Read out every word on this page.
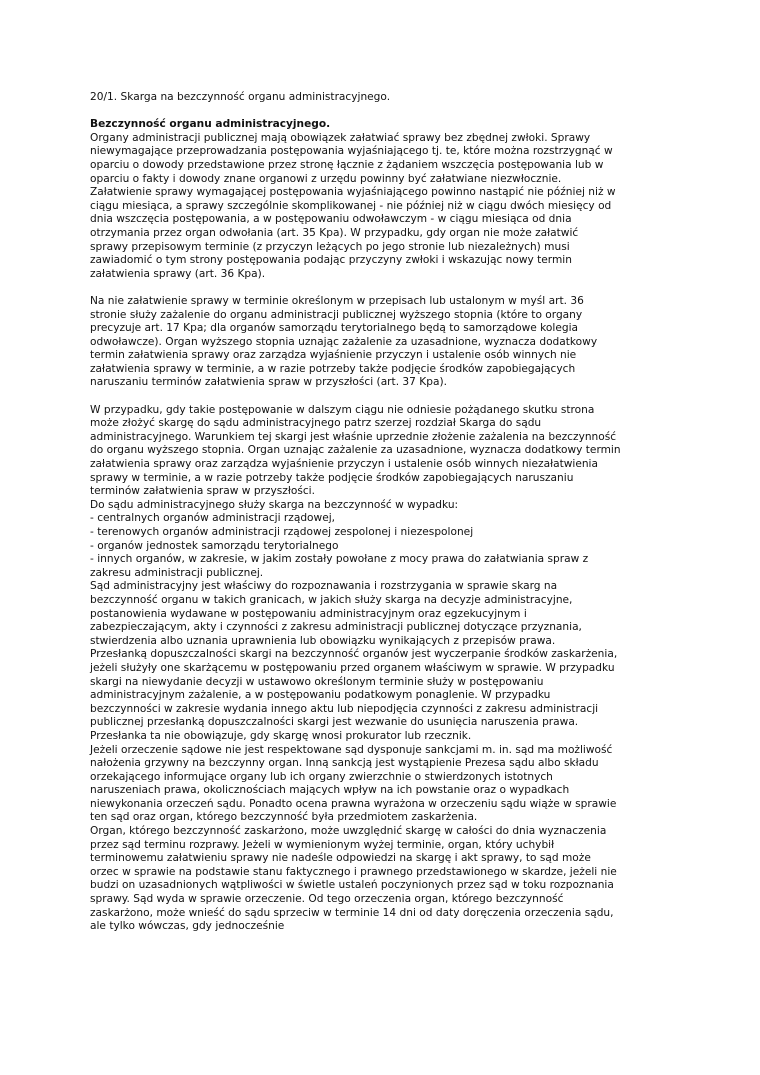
20/1. Skarga na bezczynność organu administracyjnego.
Bezczynność organu administracyjnego.
Organy administracji publicznej mają obowiązek załatwiać sprawy bez zbędnej zwłoki. Sprawy
niewymagające przeprowadzania postępowania wyjaśniającego tj. te, które można rozstrzygnąć w
oparciu o dowody przedstawione przez stronę łącznie z żądaniem wszczęcia postępowania lub w
oparciu o fakty i dowody znane organowi z urzędu powinny być załatwiane niezwłocznie.
Załatwienie sprawy wymagającej postępowania wyjaśniającego powinno nastąpić nie później niż w
ciągu miesiąca, a sprawy szczególnie skomplikowanej - nie później niż w ciągu dwóch miesięcy od
dnia wszczęcia postępowania, a w postępowaniu odwoławczym - w ciągu miesiąca od dnia
otrzymania przez organ odwołania (art. 35 Kpa). W przypadku, gdy organ nie może załatwić
sprawy przepisowym terminie (z przyczyn leżących po jego stronie lub niezależnych) musi
zawiadomić o tym strony postępowania podając przyczyny zwłoki i wskazując nowy termin
załatwienia sprawy (art. 36 Kpa).
Na nie załatwienie sprawy w terminie określonym w przepisach lub ustalonym w myśl art. 36
stronie służy zażalenie do organu administracji publicznej wyższego stopnia (które to organy
precyzuje art. 17 Kpa; dla organów samorządu terytorialnego będą to samorządowe kolegia
odwoławcze). Organ wyższego stopnia uznając zażalenie za uzasadnione, wyznacza dodatkowy
termin załatwienia sprawy oraz zarządza wyjaśnienie przyczyn i ustalenie osób winnych nie
załatwienia sprawy w terminie, a w razie potrzeby także podjęcie środków zapobiegających
naruszaniu terminów załatwienia spraw w przyszłości (art. 37 Kpa).
W przypadku, gdy takie postępowanie w dalszym ciągu nie odniesie pożądanego skutku strona
może złożyć skargę do sądu administracyjnego patrz szerzej rozdział Skarga do sądu
administracyjnego. Warunkiem tej skargi jest właśnie uprzednie złożenie zażalenia na bezczynność
do organu wyższego stopnia. Organ uznając zażalenie za uzasadnione, wyznacza dodatkowy termin
załatwienia sprawy oraz zarządza wyjaśnienie przyczyn i ustalenie osób winnych niezałatwienia
sprawy w terminie, a w razie potrzeby także podjęcie środków zapobiegających naruszaniu
terminów załatwienia spraw w przyszłości.
Do sądu administracyjnego służy skarga na bezczynność w wypadku:
- centralnych organów administracji rządowej,
- terenowych organów administracji rządowej zespolonej i niezespolonej
- organów jednostek samorządu terytorialnego
- innych organów, w zakresie, w jakim zostały powołane z mocy prawa do załatwiania spraw z
zakresu administracji publicznej.
Sąd administracyjny jest właściwy do rozpoznawania i rozstrzygania w sprawie skarg na
bezczynność organu w takich granicach, w jakich służy skarga na decyzje administracyjne,
postanowienia wydawane w postępowaniu administracyjnym oraz egzekucyjnym i
zabezpieczającym, akty i czynności z zakresu administracji publicznej dotyczące przyznania,
stwierdzenia albo uznania uprawnienia lub obowiązku wynikających z przepisów prawa.
Przesłanką dopuszczalności skargi na bezczynność organów jest wyczerpanie środków zaskarżenia,
jeżeli służyły one skarżącemu w postępowaniu przed organem właściwym w sprawie. W przypadku
skargi na niewydanie decyzji w ustawowo określonym terminie służy w postępowaniu
administracyjnym zażalenie, a w postępowaniu podatkowym ponaglenie. W przypadku
bezczynności w zakresie wydania innego aktu lub niepodjęcia czynności z zakresu administracji
publicznej przesłanką dopuszczalności skargi jest wezwanie do usunięcia naruszenia prawa.
Przesłanka ta nie obowiązuje, gdy skargę wnosi prokurator lub rzecznik.
Jeżeli orzeczenie sądowe nie jest respektowane sąd dysponuje sankcjami m. in. sąd ma możliwość
nałożenia grzywny na bezczynny organ. Inną sankcją jest wystąpienie Prezesa sądu albo składu
orzekającego informujące organy lub ich organy zwierzchnie o stwierdzonych istotnych
naruszeniach prawa, okolicznościach mających wpływ na ich powstanie oraz o wypadkach
niewykonania orzeczeń sądu. Ponadto ocena prawna wyrażona w orzeczeniu sądu wiąże w sprawie
ten sąd oraz organ, którego bezczynność była przedmiotem zaskarżenia.
Organ, którego bezczynność zaskarżono, może uwzględnić skargę w całości do dnia wyznaczenia
przez sąd terminu rozprawy. Jeżeli w wymienionym wyżej terminie, organ, który uchybił
terminowemu załatwieniu sprawy nie nadeśle odpowiedzi na skargę i akt sprawy, to sąd może
orzec w sprawie na podstawie stanu faktycznego i prawnego przedstawionego w skardze, jeżeli nie
budzi on uzasadnionych wątpliwości w świetle ustaleń poczynionych przez sąd w toku rozpoznania
sprawy. Sąd wyda w sprawie orzeczenie. Od tego orzeczenia organ, którego bezczynność
zaskarżono, może wnieść do sądu sprzeciw w terminie 14 dni od daty doręczenia orzeczenia sądu,
ale tylko wówczas, gdy jednocześnie
